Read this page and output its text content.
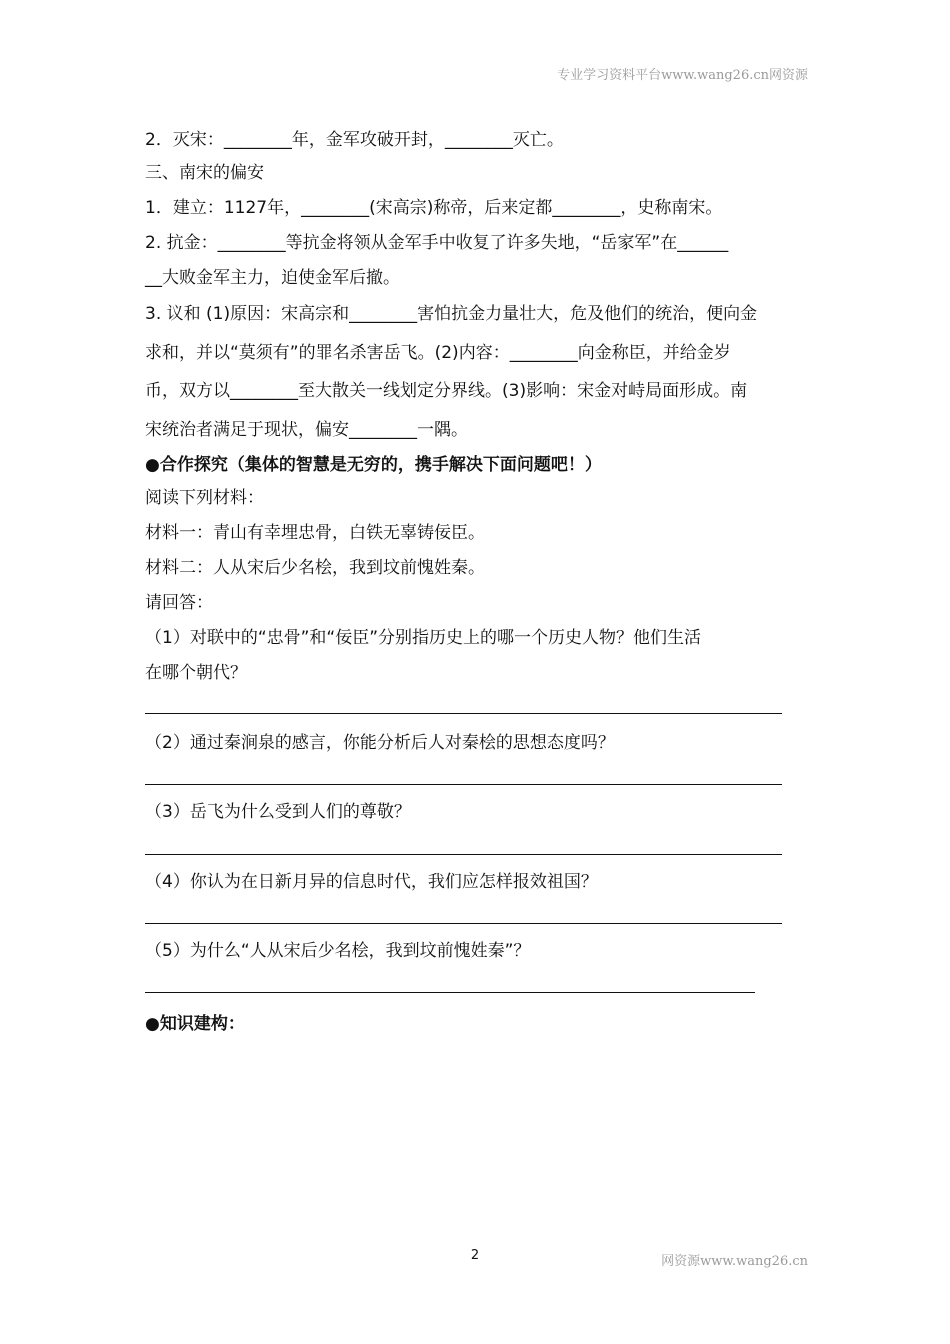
专业学习资料平台www.wang26.cn网资源
2．灭宋：________年，金军攻破开封，________灭亡。
三、南宋的偏安
1．建立：1127年，________(宋高宗)称帝，后来定都________，史称南宋。
2. 抗金：________等抗金将领从金军手中收复了许多失地，“岳家军”在______
__大败金军主力，迫使金军后撤。
3. 议和 (1)原因：宋高宗和________害怕抗金力量壮大，危及他们的统治，便向金
求和，并以“莫须有”的罪名杀害岳飞。(2)内容：________向金称臣，并给金岁
币，双方以________至大散关一线划定分界线。(3)影响：宋金对峙局面形成。南
宋统治者满足于现状，偏安________一隅。
●合作探究（集体的智慧是无穷的，携手解决下面问题吧！）
阅读下列材料：
材料一：青山有幸埋忠骨，白铁无辜铸佞臣。
材料二：人从宋后少名桧，我到坟前愧姓秦。
请回答：
（1）对联中的“忠骨”和“佞臣”分别指历史上的哪一个历史人物？他们生活
在哪个朝代？
（2）通过秦涧泉的感言，你能分析后人对秦桧的思想态度吗？
（3）岳飞为什么受到人们的尊敬？
（4）你认为在日新月异的信息时代，我们应怎样报效祖国？
（5）为什么“人从宋后少名桧，我到坟前愧姓秦”？
●知识建构：
2	网资源www.wang26.cn
